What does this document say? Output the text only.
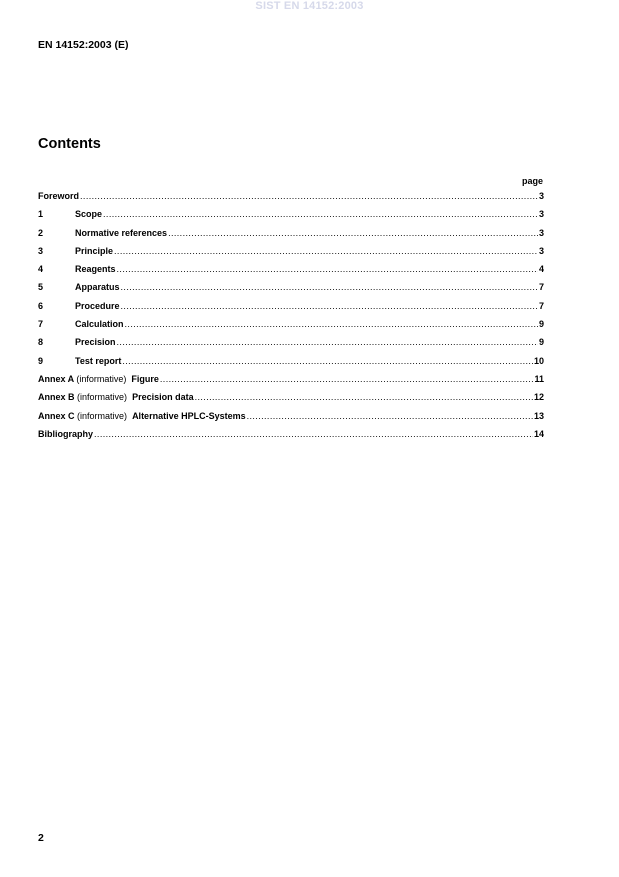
SIST EN 14152:2003
EN 14152:2003 (E)
Contents
page
Foreword .....	3
1	Scope .....	3
2	Normative references .....	3
3	Principle .....	3
4	Reagents .....	4
5	Apparatus .....	7
6	Procedure .....	7
7	Calculation .....	9
8	Precision .....	9
9	Test report .....	10
Annex A (informative) Figure .....	11
Annex B (informative) Precision data .....	12
Annex C (informative) Alternative HPLC-Systems .....	13
Bibliography .....	14
2
